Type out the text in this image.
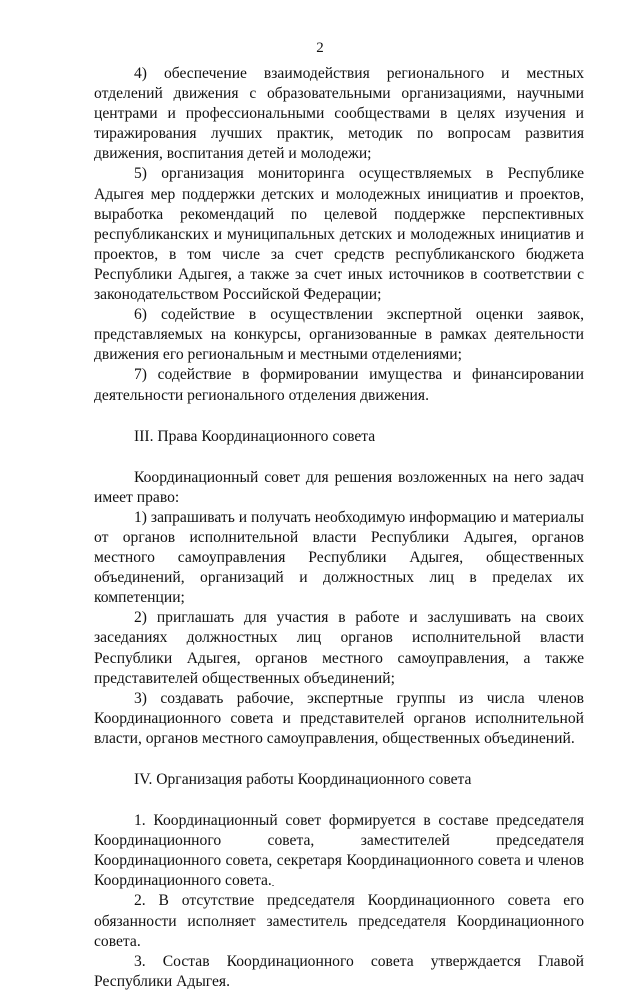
2

4) обеспечение взаимодействия регионального и местных отделений движения с образовательными организациями, научными центрами и профессиональными сообществами в целях изучения и тиражирования лучших практик, методик по вопросам развития движения, воспитания детей и молодежи;

5) организация мониторинга осуществляемых в Республике Адыгея мер поддержки детских и молодежных инициатив и проектов, выработка рекомендаций по целевой поддержке перспективных республиканских и муниципальных детских и молодежных инициатив и проектов, в том числе за счет средств республиканского бюджета Республики Адыгея, а также за счет иных источников в соответствии с законодательством Российской Федерации;

6) содействие в осуществлении экспертной оценки заявок, представляемых на конкурсы, организованные в рамках деятельности движения его региональным и местными отделениями;

7) содействие в формировании имущества и финансировании деятельности регионального отделения движения.

III. Права Координационного совета

Координационный совет для решения возложенных на него задач имеет право:

1) запрашивать и получать необходимую информацию и материалы от органов исполнительной власти Республики Адыгея, органов местного самоуправления Республики Адыгея, общественных объединений, организаций и должностных лиц в пределах их компетенции;

2) приглашать для участия в работе и заслушивать на своих заседаниях должностных лиц органов исполнительной власти Республики Адыгея, органов местного самоуправления, а также представителей общественных объединений;

3) создавать рабочие, экспертные группы из числа членов Координационного совета и представителей органов исполнительной власти, органов местного самоуправления, общественных объединений.

IV. Организация работы Координационного совета

1. Координационный совет формируется в составе председателя Координационного совета, заместителей председателя Координационного совета, секретаря Координационного совета и членов Координационного совета.

2. В отсутствие председателя Координационного совета его обязанности исполняет заместитель председателя Координационного совета.

3. Состав Координационного совета утверждается Главой Республики Адыгея.
